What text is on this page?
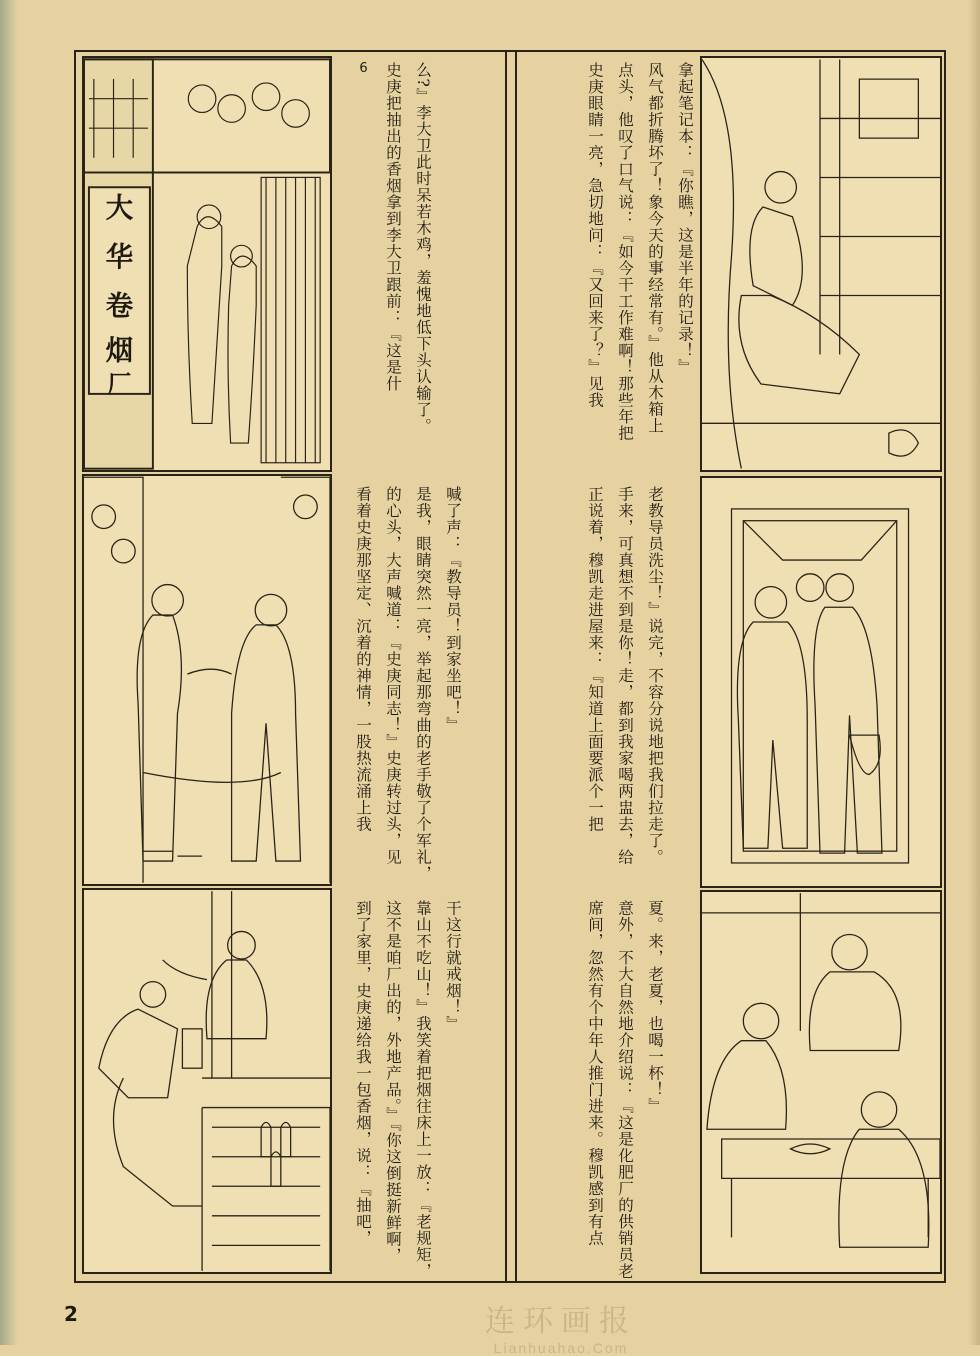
大
华
卷
烟
厂
6	么?』李大卫此时呆若木鸡，羞愧地低下头认输了。
史庚把抽出的香烟拿到李大卫跟前：『这是什
喊了声：『教导员！到家坐吧！』
是我，眼睛突然一亮，举起那弯曲的老手敬了个军礼，
的心头，大声喊道：『史庚同志！』史庚转过头，见
看着史庚那坚定、沉着的神情，一股热流涌上我
干这行就戒烟！』
靠山不吃山！』我笑着把烟往床上一放：『老规矩，
这不是咱厂出的，外地产品。』『你这倒挺新鲜啊，
到了家里，史庚递给我一包香烟，说：『抽吧，
拿起笔记本：『你瞧，这是半年的记录！』
风气都折腾坏了！象今天的事经常有。』他从木箱上
点头，他叹了口气说：『如今干工作难啊！那些年把
史庚眼睛一亮，急切地问：『又回来了？』见我
老教导员洗尘！』说完，不容分说地把我们拉走了。
手来，可真想不到是你！走，都到我家喝两盅去，给
正说着，穆凯走进屋来：『知道上面要派个一把
夏。来，老夏，也喝一杯！』
意外，不大自然地介绍说：『这是化肥厂的供销员老
席间，忽然有个中年人推门进来。穆凯感到有点
2	连环画报
Lianhuahao.Com
